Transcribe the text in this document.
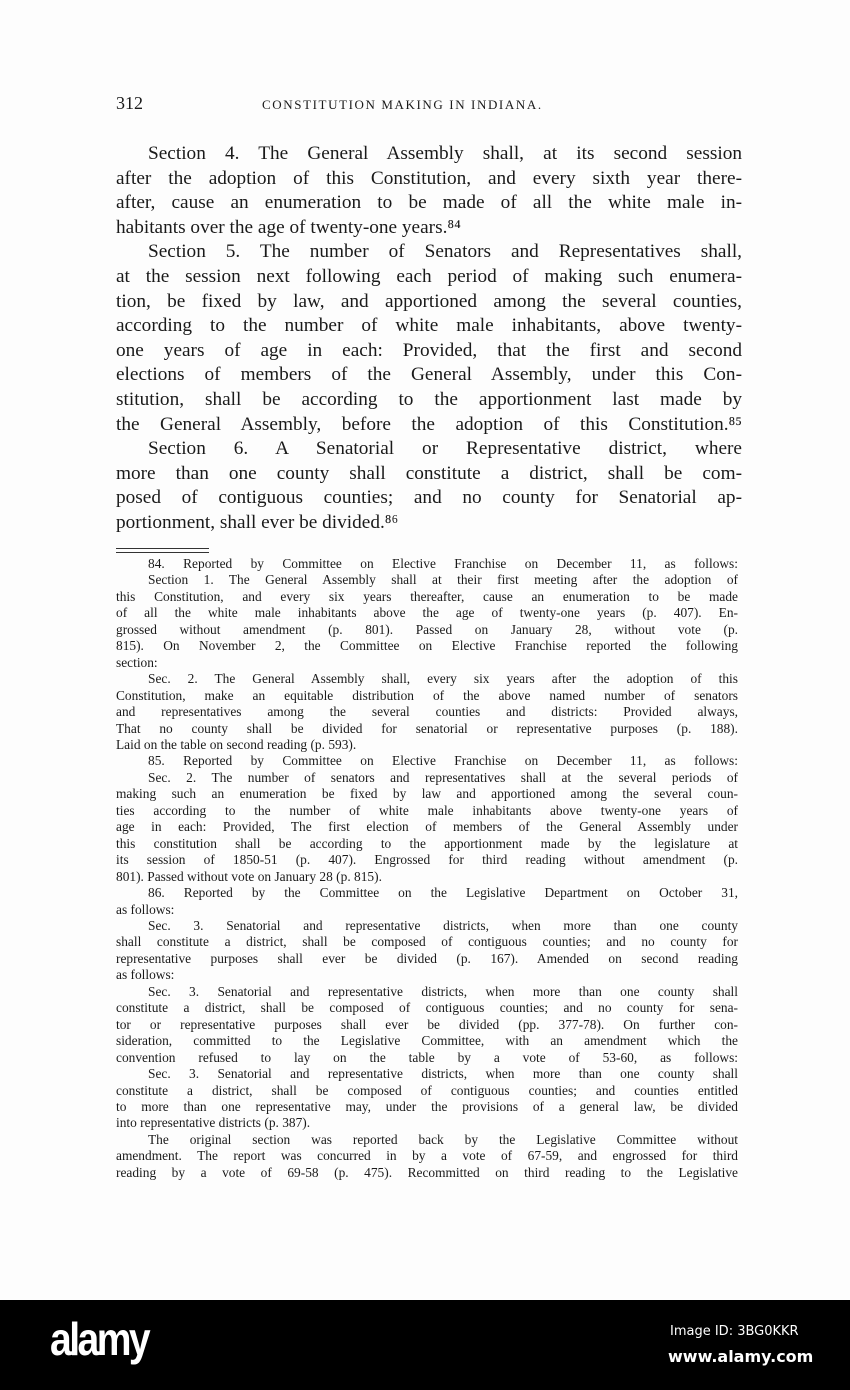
312	CONSTITUTION MAKING IN INDIANA.
Section 4. The General Assembly shall, at its second session
after the adoption of this Constitution, and every sixth year there-
after, cause an enumeration to be made of all the white male in-
habitants over the age of twenty-one years.⁸⁴
Section 5. The number of Senators and Representatives shall,
at the session next following each period of making such enumera-
tion, be fixed by law, and apportioned among the several counties,
according to the number of white male inhabitants, above twenty-
one years of age in each: Provided, that the first and second
elections of members of the General Assembly, under this Con-
stitution, shall be according to the apportionment last made by
the General Assembly, before the adoption of this Constitution.⁸⁵
Section 6. A Senatorial or Representative district, where
more than one county shall constitute a district, shall be com-
posed of contiguous counties; and no county for Senatorial ap-
portionment, shall ever be divided.⁸⁶
84. Reported by Committee on Elective Franchise on December 11, as follows:
Section 1. The General Assembly shall at their first meeting after the adoption of
this Constitution, and every six years thereafter, cause an enumeration to be made
of all the white male inhabitants above the age of twenty-one years (p. 407). En-
grossed without amendment (p. 801). Passed on January 28, without vote (p.
815). On November 2, the Committee on Elective Franchise reported the following
section:
Sec. 2. The General Assembly shall, every six years after the adoption of this
Constitution, make an equitable distribution of the above named number of senators
and representatives among the several counties and districts: Provided always,
That no county shall be divided for senatorial or representative purposes (p. 188).
Laid on the table on second reading (p. 593).
85. Reported by Committee on Elective Franchise on December 11, as follows:
Sec. 2. The number of senators and representatives shall at the several periods of
making such an enumeration be fixed by law and apportioned among the several coun-
ties according to the number of white male inhabitants above twenty-one years of
age in each: Provided, The first election of members of the General Assembly under
this constitution shall be according to the apportionment made by the legislature at
its session of 1850-51 (p. 407). Engrossed for third reading without amendment (p.
801). Passed without vote on January 28 (p. 815).
86. Reported by the Committee on the Legislative Department on October 31,
as follows:
Sec. 3. Senatorial and representative districts, when more than one county
shall constitute a district, shall be composed of contiguous counties; and no county for
representative purposes shall ever be divided (p. 167). Amended on second reading
as follows:
Sec. 3. Senatorial and representative districts, when more than one county shall
constitute a district, shall be composed of contiguous counties; and no county for sena-
tor or representative purposes shall ever be divided (pp. 377-78). On further con-
sideration, committed to the Legislative Committee, with an amendment which the
convention refused to lay on the table by a vote of 53-60, as follows:
Sec. 3. Senatorial and representative districts, when more than one county shall
constitute a district, shall be composed of contiguous counties; and counties entitled
to more than one representative may, under the provisions of a general law, be divided
into representative districts (p. 387).
The original section was reported back by the Legislative Committee without
amendment. The report was concurred in by a vote of 67-59, and engrossed for third
reading by a vote of 69-58 (p. 475). Recommitted on third reading to the Legislative
alamy	Image ID: 3BG0KKR
www.alamy.com
